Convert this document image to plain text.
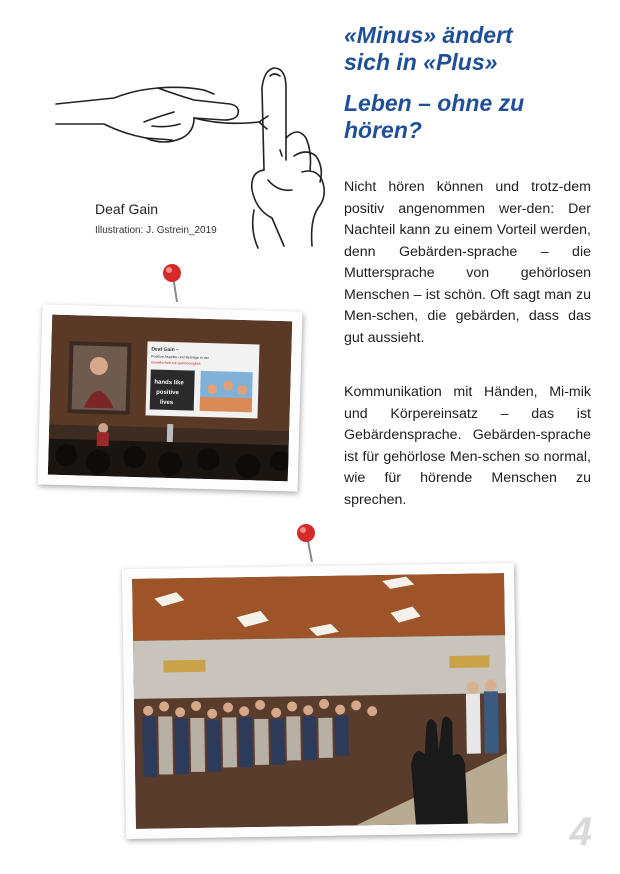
«Minus» ändert
sich in «Plus»
Leben – ohne zu
hören?
Deaf Gain
Illustration: J. Gstrein_2019

Nicht hören können und trotz-dem positiv angenommen wer-den: Der Nachteil kann zu einem Vorteil werden, denn Gebärden-sprache – die Muttersprache von gehörlosen Menschen – ist schön. Oft sagt man zu Men-schen, die gebärden, dass das gut aussieht.

Kommunikation mit Händen, Mi-mik und Körpereinsatz – das ist Gebärdensprache. Gebärden-sprache ist für gehörlose Men-schen so normal, wie für hörende Menschen zu sprechen.

Deaf Gain –
Positive Aspekte und Beiträge in der
Gesellschaft mit Gehörlosigkeit
hands like
positive
lives
4
